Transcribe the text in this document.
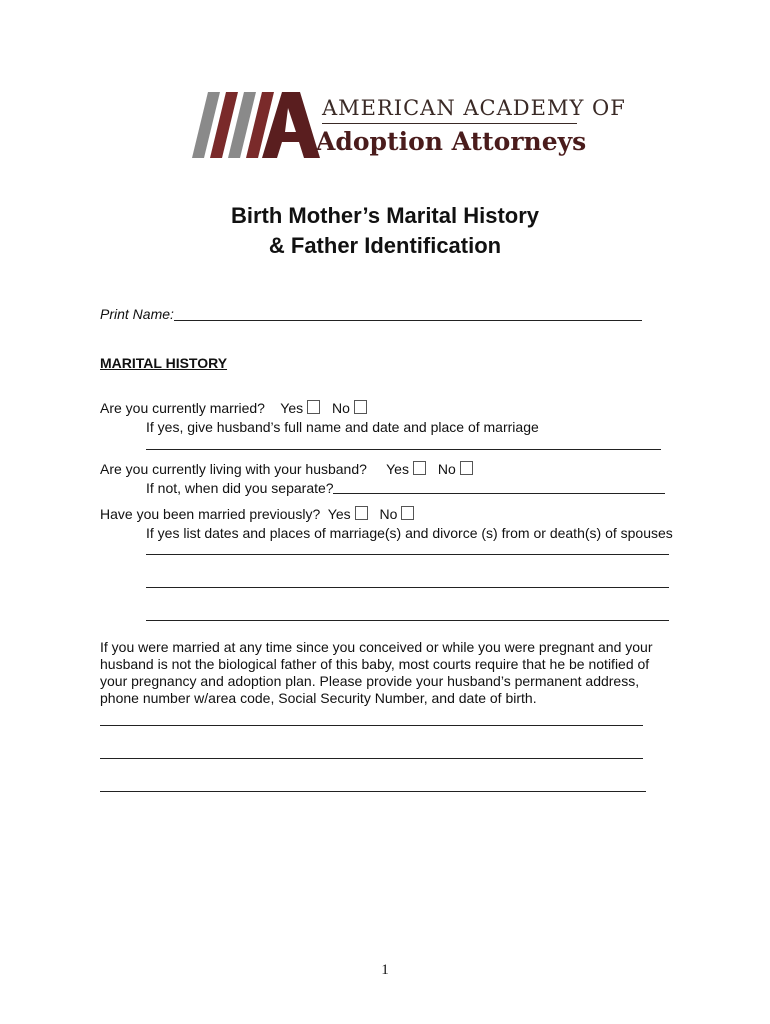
AMERICAN ACADEMY OF
Adoption Attorneys
Birth Mother’s Marital History
& Father Identification
Print Name:
MARITAL HISTORY
Are you currently married? Yes No
If yes, give husband’s full name and date and place of marriage
Are you currently living with your husband? Yes No
If not, when did you separate?
Have you been married previously? Yes No
If yes list dates and places of marriage(s) and divorce (s) from or death(s) of spouses
If you were married at any time since you conceived or while you were pregnant and your
husband is not the biological father of this baby, most courts require that he be notified of
your pregnancy and adoption plan. Please provide your husband’s permanent address,
phone number w/area code, Social Security Number, and date of birth.
1
